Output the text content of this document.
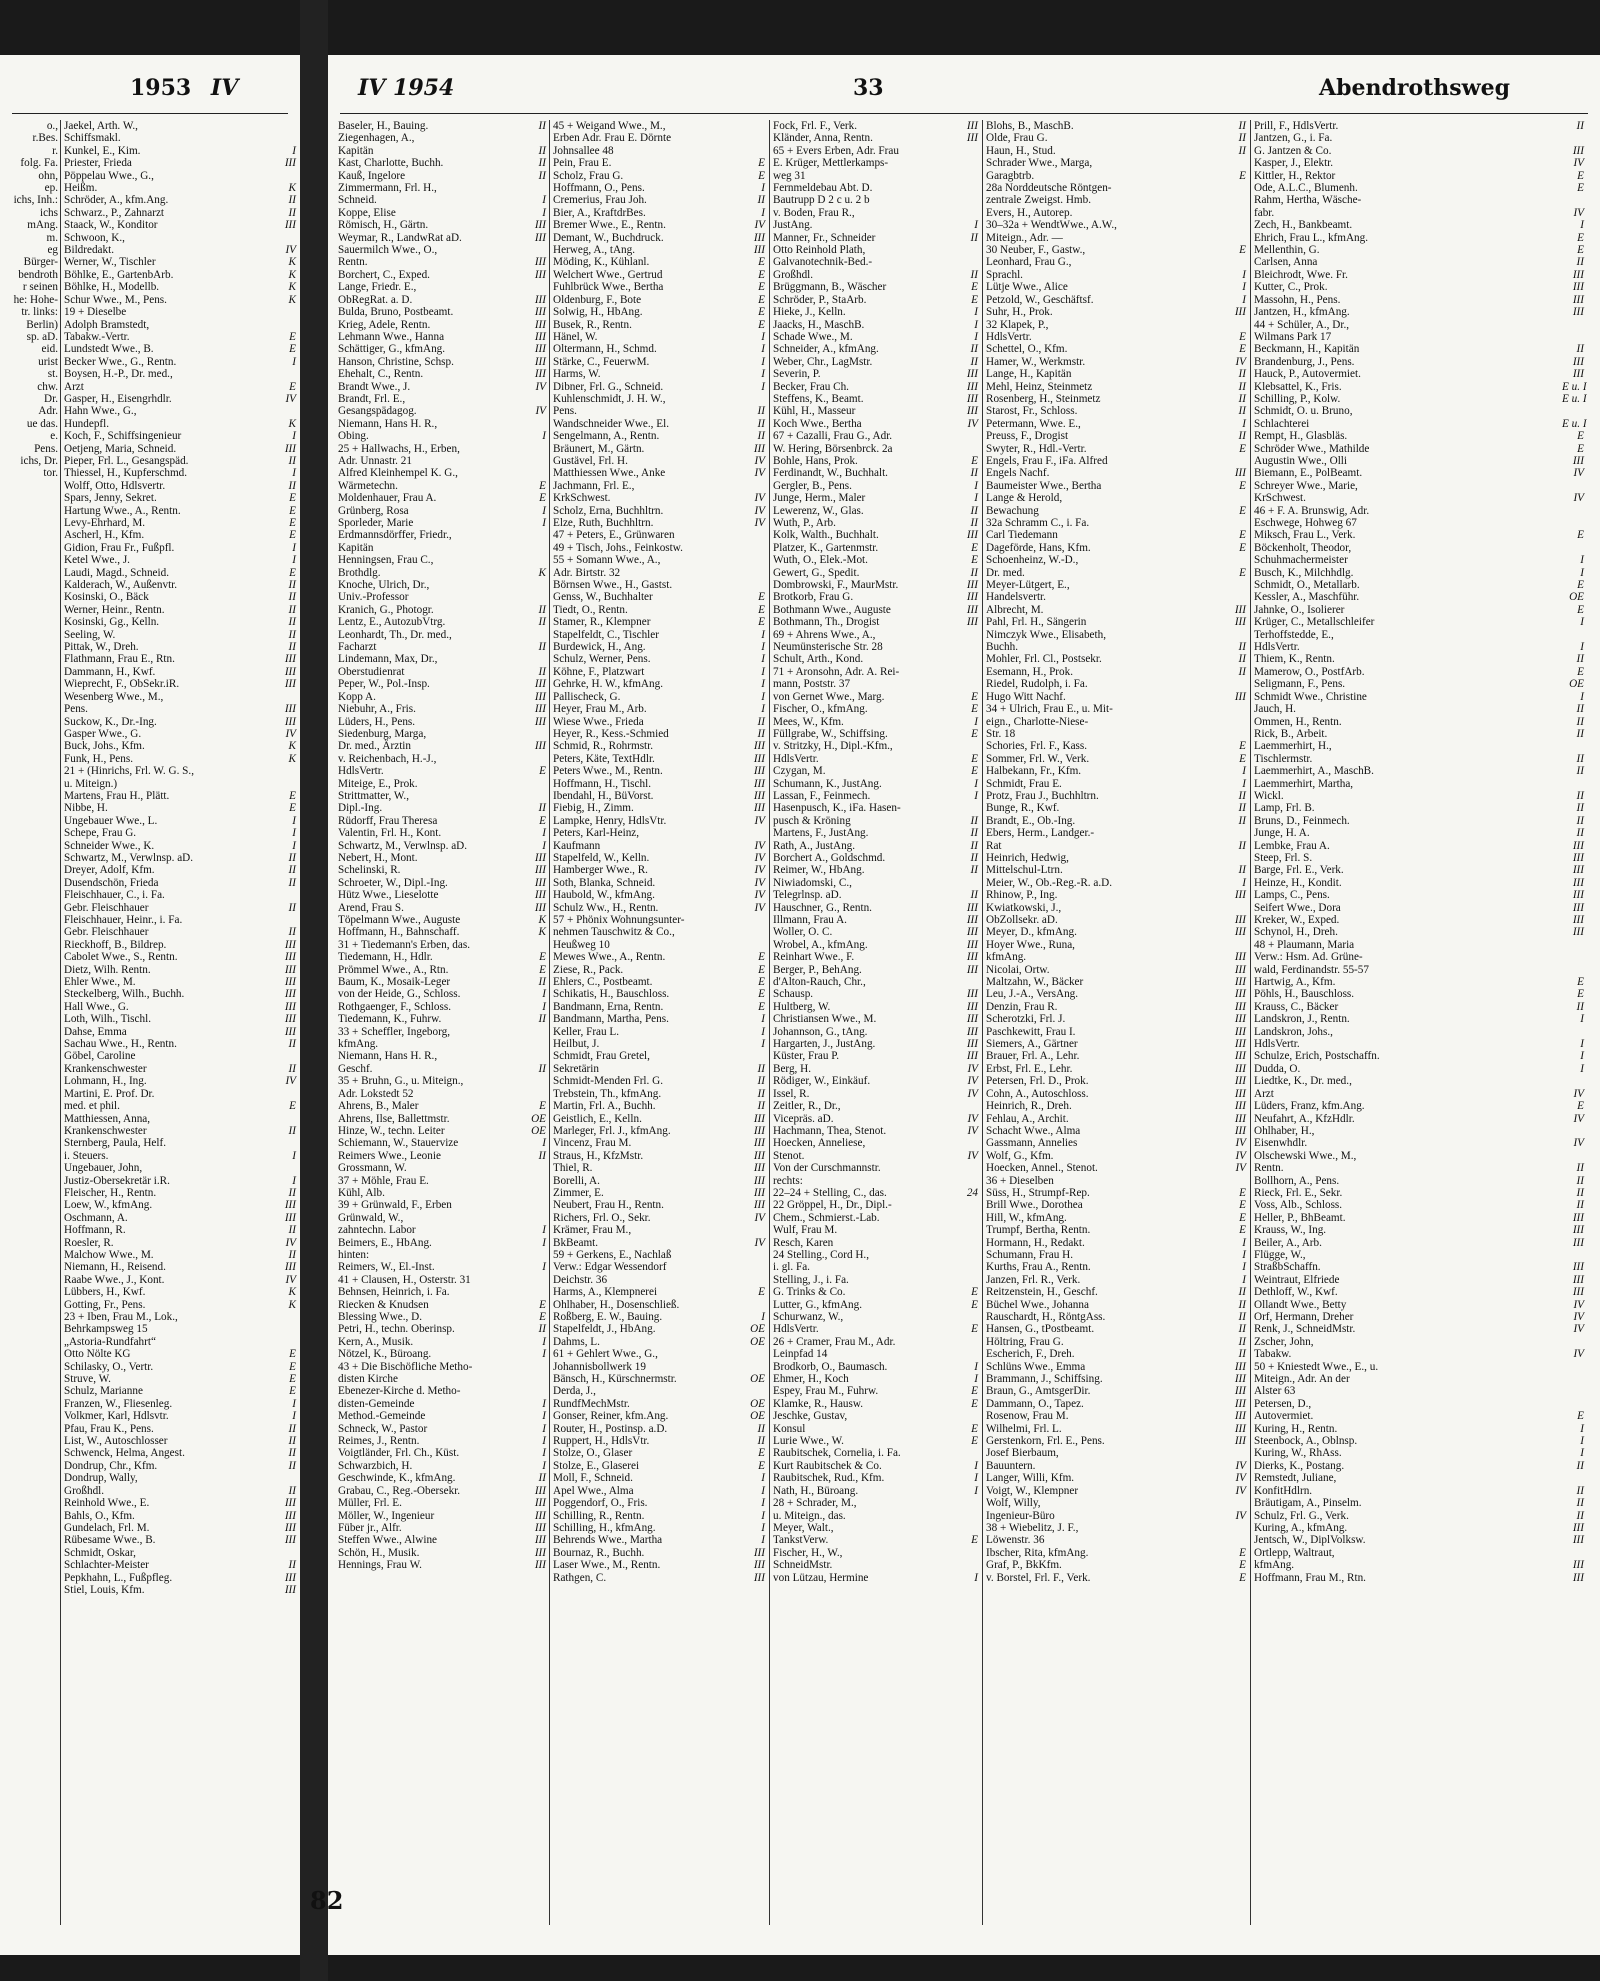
1953 IV
o.,
r.Bes.
r.
folg. Fa.
ohn,
ep.
ichs, Inh.:
ichs
mAng.
m.
eg
Bürger-
bendroth
r seinen
he: Hohe-
tr. links:
Berlin)
sp. aD.
eid.
urist
st.
chw.
Dr.
Adr.
ue das.
e.
Pens.
ichs, Dr.
tor.
Jaekel, Arth. W.,
Schiffsmakl.
Kunkel, E., Kim.	I
Priester, Frieda	III
Pöppelau Wwe., G.,
Heißm.	K
Schröder, A., kfm.Ang.	II
Schwarz., P., Zahnarzt	II
Staack, W., Konditor	III
Schwoon, K.,
Bildredakt.	IV
Werner, W., Tischler	K
Böhlke, E., GartenbArb.	K
Böhlke, H., Modellb.	K
Schur Wwe., M., Pens.	K
19 + Dieselbe
Adolph Bramstedt,
Tabakw.-Vertr.	E
Lundstedt Wwe., B.	E
Becker Wwe., G., Rentn.	I
Boysen, H.-P., Dr. med.,
Arzt	E
Gasper, H., Eisengrhdlr.	IV
Hahn Wwe., G.,
Hundepfl.	K
Koch, F., Schiffsingenieur	I
Oetjeng, Maria, Schneid.	III
Pieper, Frl. L., Gesangspäd.	II
Thiessel, H., Kupferschmd.	I
Wolff, Otto, Hdlsvertr.	II
Spars, Jenny, Sekret.	E
Hartung Wwe., A., Rentn.	E
Levy-Ehrhard, M.	E
Ascherl, H., Kfm.	E
Gidion, Frau Fr., Fußpfl.	I
Ketel Wwe., J.	I
Laudi, Magd., Schneid.	E
Kalderach, W., Außenvtr.	II
Kosinski, O., Bäck	II
Werner, Heinr., Rentn.	II
Kosinski, Gg., Kelln.	II
Seeling, W.	II
Pittak, W., Dreh.	II
Flathmann, Frau E., Rtn.	III
Dammann, H., Kwf.	III
Wieprecht, F., ObSekr.iR.	III
Wesenberg Wwe., M.,
Pens.	III
Suckow, K., Dr.-Ing.	III
Gasper Wwe., G.	IV
Buck, Johs., Kfm.	K
Funk, H., Pens.	K
21 + (Hinrichs, Frl. W. G. S.,
u. Miteign.)
Martens, Frau H., Plätt.	E
Nibbe, H.	E
Ungebauer Wwe., L.	I
Schepe, Frau G.	I
Schneider Wwe., K.	I
Schwartz, M., Verwlnsp. aD.	II
Dreyer, Adolf, Kfm.	II
Dusendschön, Frieda	II
Fleischhauer, C., i. Fa.
Gebr. Fleischhauer	II
Fleischhauer, Heinr., i. Fa.
Gebr. Fleischhauer	II
Rieckhoff, B., Bildrep.	III
Cabolet Wwe., S., Rentn.	III
Dietz, Wilh. Rentn.	III
Ehler Wwe., M.	III
Steckelberg, Wilh., Buchh.	III
Hall Wwe., G.	III
Loth, Wilh., Tischl.	III
Dahse, Emma	III
Sachau Wwe., H., Rentn.	II
Göbel, Caroline
Krankenschwester	II
Lohmann, H., Ing.	IV
Martini, E. Prof. Dr.
med. et phil.	E
Matthiessen, Anna,
Krankenschwester	II
Sternberg, Paula, Helf.
i. Steuers.	I
Ungebauer, John,
Justiz-Obersekretär i.R.	I
Fleischer, H., Rentn.	II
Loew, W., kfmAng.	III
Oschmann, A.	III
Hoffmann, R.	II
Roesler, R.	IV
Malchow Wwe., M.	II
Niemann, H., Reisend.	III
Raabe Wwe., J., Kont.	IV
Lübbers, H., Kwf.	K
Gotting, Fr., Pens.	K
23 + Iben, Frau M., Lok.,
Behrkampsweg 15
„Astoria-Rundfahrt“
Otto Nölte KG	E
Schilasky, O., Vertr.	E
Struve, W.	E
Schulz, Marianne	E
Franzen, W., Fliesenleg.	I
Volkmer, Karl, Hdlsvtr.	I
Pfau, Frau K., Pens.	II
List, W., Autoschlosser	II
Schwenck, Helma, Angest.	II
Dondrup, Chr., Kfm.	II
Dondrup, Wally,
Großhdl.	II
Reinhold Wwe., E.	III
Bahls, O., Kfm.	III
Gundelach, Frl. M.	III
Rübesame Wwe., B.	III
Schmidt, Oskar,
Schlachter-Meister	II
Pepkhahn, L., Fußpfleg.	III
Stiel, Louis, Kfm.	III
IV 1954	33	Abendrothsweg
Baseler, H., Bauing.	II
Ziegenhagen, A.,
Kapitän	II
Kast, Charlotte, Buchh.	II
Kauß, Ingelore	II
Zimmermann, Frl. H.,
Schneid.	I
Koppe, Elise	I
Römisch, H., Gärtn.	III
Weymar, R., LandwRat aD.	III
Sauermilch Wwe., O.,
Rentn.	III
Borchert, C., Exped.	III
Lange, Friedr. E.,
ObRegRat. a. D.	III
Bulda, Bruno, Postbeamt.	III
Krieg, Adele, Rentn.	III
Lehmann Wwe., Hanna	III
Schättiger, G., kfmAng.	III
Hanson, Christine, Schsp.	III
Ehehalt, C., Rentn.	III
Brandt Wwe., J.	IV
Brandt, Frl. E.,
Gesangspädagog.	IV
Niemann, Hans H. R.,
Obing.	I
25 + Hallwachs, H., Erben,
Adr. Unnastr. 21
Alfred Kleinhempel K. G.,
Wärmetechn.	E
Moldenhauer, Frau A.	E
Grünberg, Rosa	I
Sporleder, Marie	I
Erdmannsdörffer, Friedr.,
Kapitän
Henningsen, Frau C.,
Brothdlg.	K
Knoche, Ulrich, Dr.,
Univ.-Professor
Kranich, G., Photogr.	II
Lentz, E., AutozubVtrg.	II
Leonhardt, Th., Dr. med.,
Facharzt	II
Lindemann, Max, Dr.,
Oberstudienrat	II
Peper, W., Pol.-Insp.	III
Kopp A.	III
Niebuhr, A., Fris.	III
Lüders, H., Pens.	III
Siedenburg, Marga,
Dr. med., Ärztin	III
v. Reichenbach, H.-J.,
HdlsVertr.	E
Miteige, E., Prok.
Strittmatter, W.,
Dipl.-Ing.	II
Rüdorff, Frau Theresa	E
Valentin, Frl. H., Kont.	I
Schwartz, M., Verwlnsp. aD.	I
Nebert, H., Mont.	III
Schelinski, R.	III
Schroeter, W., Dipl.-Ing.	III
Hütz Wwe., Lieselotte	III
Arend, Frau S.	III
Töpelmann Wwe., Auguste	K
Hoffmann, H., Bahnschaff.	K
31 + Tiedemann's Erben, das.
Tiedemann, H., Hdlr.	E
Prömmel Wwe., A., Rtn.	E
Baum, K., Mosaik-Leger	II
von der Heide, G., Schloss.	I
Rothgaenger, F., Schloss.	I
Tiedemann, K., Fuhrw.	II
33 + Scheffler, Ingeborg,
kfmAng.
Niemann, Hans H. R.,
Geschf.	II
35 + Bruhn, G., u. Miteign.,
Adr. Lokstedt 52
Ahrens, B., Maler	E
Ahrens, Ilse, Ballettmstr.	OE
Hinze, W., techn. Leiter	OE
Schiemann, W., Stauervize	I
Reimers Wwe., Leonie	II
Grossmann, W.
37 + Möhle, Frau E.
Kühl, Alb.
39 + Grünwald, F., Erben
Grünwald, W.,
zahntechn. Labor	I
Beimers, E., HbAng.	I
hinten:
Reimers, W., El.-Inst.	I
41 + Clausen, H., Osterstr. 31
Behnsen, Heinrich, i. Fa.
Riecken & Knudsen	E
Blessing Wwe., D.	E
Petri, H., techn. Oberinsp.	II
Kern, A., Musik.	I
Nötzel, K., Büroang.	I
43 + Die Bischöfliche Metho-
disten Kirche
Ebenezer-Kirche d. Metho-
disten-Gemeinde	I
Method.-Gemeinde	I
Schneck, W., Pastor	I
Reimes, J., Rentn.	I
Voigtländer, Frl. Ch., Küst.	I
Schwarzbich, H.	I
Geschwinde, K., kfmAng.	II
Grabau, C., Reg.-Obersekr.	III
Müller, Frl. E.	III
Möller, W., Ingenieur	III
Füber jr., Alfr.	III
Steffen Wwe., Alwine	III
Schön, H., Musik.	III
Hennings, Frau W.	III
45 + Weigand Wwe., M.,
Erben Adr. Frau E. Dörnte
Johnsallee 48
Pein, Frau E.	E
Scholz, Frau G.	E
Hoffmann, O., Pens.	I
Cremerius, Frau Joh.	II
Bier, A., KraftdrBes.	I
Bremer Wwe., E., Rentn.	IV
Demant, W., Buchdruck.	III
Herweg, A., tAng.	III
Möding, K., Kühlanl.	E
Welchert Wwe., Gertrud	E
Fuhlbrück Wwe., Bertha	E
Oldenburg, F., Bote	E
Solwig, H., HbAng.	E
Busek, R., Rentn.	E
Hänel, W.	I
Oltermann, H., Schmd.	I
Stärke, C., FeuerwM.	I
Harms, W.	I
Dibner, Frl. G., Schneid.	I
Kuhlenschmidt, J. H. W.,
Pens.	II
Wandschneider Wwe., El.	II
Sengelmann, A., Rentn.	II
Bräunert, M., Gärtn.	III
Gustävel, Frl. H.	IV
Matthiessen Wwe., Anke	IV
Jachmann, Frl. E.,
KrkSchwest.	IV
Scholz, Erna, Buchhltrn.	IV
Elze, Ruth, Buchhltrn.	IV
47 + Peters, E., Grünwaren
49 + Tisch, Johs., Feinkostw.
55 + Somann Wwe., A.,
Adr. Birtstr. 32
Börnsen Wwe., H., Gastst.
Genss, W., Buchhalter	E
Tiedt, O., Rentn.	E
Stamer, R., Klempner	E
Stapelfeldt, C., Tischler	I
Burdewick, H., Ang.	I
Schulz, Werner, Pens.	I
Köhne, F., Platzwart	I
Gehrke, H. W., kfmAng.	I
Pallischeck, G.	I
Heyer, Frau M., Arb.	I
Wiese Wwe., Frieda	II
Heyer, R., Kess.-Schmied	II
Schmid, R., Rohrmstr.	III
Peters, Käte, TextHdlr.	III
Peters Wwe., M., Rentn.	III
Hoffmann, H., Tischl.	III
Ibendahl, H., BüVorst.	III
Fiebig, H., Zimm.	III
Lampke, Henry, HdlsVtr.	IV
Peters, Karl-Heinz,
Kaufmann	IV
Stapelfeld, W., Kelln.	IV
Hamberger Wwe., R.	IV
Soth, Blanka, Schneid.	IV
Haubold, W., kfmAng.	IV
Schulz Ww., H., Rentn.	IV
57 + Phönix Wohnungsunter-
nehmen Tauschwitz & Co.,
Heußweg 10
Mewes Wwe., A., Rentn.	E
Ziese, R., Pack.	E
Ehlers, C., Postbeamt.	E
Schikatis, H., Bauschloss.	E
Bandmann, Erna, Rentn.	E
Bandmann, Martha, Pens.	I
Keller, Frau L.	I
Heilbut, J.	I
Schmidt, Frau Gretel,
Sekretärin	II
Schmidt-Menden Frl. G.	II
Trebstein, Th., kfmAng.	II
Martin, Frl. A., Buchh.	II
Geistlich, E., Kelln.	III
Marleger, Frl. J., kfmAng.	III
Vincenz, Frau M.	III
Straus, H., KfzMstr.	III
Thiel, R.	III
Borelli, A.	III
Zimmer, E.	III
Neubert, Frau H., Rentn.	III
Richers, Frl. O., Sekr.	IV
Krämer, Frau M.,
BkBeamt.	IV
59 + Gerkens, E., Nachlaß
Verw.: Edgar Wessendorf
Deichstr. 36
Harms, A., Klempnerei	E
Ohlhaber, H., Dosenschließ.
Roßberg, E. W., Bauing.	I
Stapelfeldt, J., HbAng.	OE
Dahms, L.	OE
61 + Gehlert Wwe., G.,
Johannisbollwerk 19
Bänsch, H., Kürschnermstr.	OE
Derda, J.,
RundfMechMstr.	OE
Gonser, Reiner, kfm.Ang.	OE
Router, H., Postinsp. a.D.	II
Ruppert, H., HdlsVtr.	II
Stolze, O., Glaser	E
Stolze, E., Glaserei	E
Moll, F., Schneid.	I
Apel Wwe., Alma	I
Poggendorf, O., Fris.	I
Schilling, R., Rentn.	I
Schilling, H., kfmAng.	I
Behrends Wwe., Martha	I
Bournaz, R., Buchh.	III
Laser Wwe., M., Rentn.	III
Rathgen, C.	III
Fock, Frl. F., Verk.	III
Kländer, Anna, Rentn.	III
65 + Evers Erben, Adr. Frau
E. Krüger, Mettlerkamps-
weg 31
Fernmeldebau Abt. D.
Bautrupp D 2 c u. 2 b
v. Boden, Frau R.,
JustAng.	I
Manner, Fr., Schneider	II
Otto Reinhold Plath,
Galvanotechnik-Bed.-
Großhdl.	II
Brüggmann, B., Wäscher	E
Schröder, P., StaArb.	E
Hieke, J., Kelln.	I
Jaacks, H., MaschB.	I
Schade Wwe., M.	I
Schneider, A., kfmAng.	II
Weber, Chr., LagMstr.	II
Severin, P.	III
Becker, Frau Ch.	III
Steffens, K., Beamt.	III
Kühl, H., Masseur	III
Koch Wwe., Bertha	IV
67 + Cazalli, Frau G., Adr.
W. Hering, Börsenbrck. 2a
Bohle, Hans, Prok.	E
Ferdinandt, W., Buchhalt.	II
Gergler, B., Pens.	I
Junge, Herm., Maler	I
Lewerenz, W., Glas.	II
Wuth, P., Arb.	II
Kolk, Walth., Buchhalt.	III
Platzer, K., Gartenmstr.	E
Wuth, O., Elek.-Mot.	E
Gewert, G., Spedit.	II
Dombrowski, F., MaurMstr.	III
Brotkorb, Frau G.	III
Bothmann Wwe., Auguste	III
Bothmann, Th., Drogist	III
69 + Ahrens Wwe., A.,
Neumünsterische Str. 28
Schult, Arth., Kond.
71 + Aronsohn, Adr. A. Rei-
mann, Poststr. 37
von Gernet Wwe., Marg.	E
Fischer, O., kfmAng.	E
Mees, W., Kfm.	I
Füllgrabe, W., Schiffsing.	E
v. Stritzky, H., Dipl.-Kfm.,
HdlsVertr.	E
Czygan, M.	E
Schumann, K., JustAng.	I
Lassan, F., Feinmech.	I
Hasenpusch, K., iFa. Hasen-
pusch & Kröning	II
Martens, F., JustAng.	II
Rath, A., JustAng.	II
Borchert A., Goldschmd.	II
Reimer, W., HbAng.	II
Niwiadomski, C.,
Telegrlnsp. aD.	II
Hauschner, G., Rentn.	III
Illmann, Frau A.	III
Woller, O. C.	III
Wrobel, A., kfmAng.	III
Reinhart Wwe., F.	III
Berger, P., BehAng.	III
d'Alton-Rauch, Chr.,
Schausp.	III
Hultberg, W.	III
Christiansen Wwe., M.	III
Johannson, G., tAng.	III
Hargarten, J., JustAng.	III
Küster, Frau P.	III
Berg, H.	IV
Rödiger, W., Einkäuf.	IV
Issel, R.	IV
Zeitler, R., Dr.,
Vicepräs. aD.	IV
Hachmann, Thea, Stenot.	IV
Hoecken, Anneliese,
Stenot.	IV
Von der Curschmannstr.
rechts:
22–24 + Stelling, C., das.	24
22 Gröppel, H., Dr., Dipl.-
Chem., Schmierst.-Lab.
Wulf, Frau M.
Resch, Karen
24 Stelling., Cord H.,
i. gl. Fa.
Stelling, J., i. Fa.
G. Trinks & Co.	E
Lutter, G., kfmAng.	E
Schurwanz, W.,
HdlsVertr.	E
26 + Cramer, Frau M., Adr.
Leinpfad 14
Brodkorb, O., Baumasch.	I
Ehmer, H., Koch	I
Espey, Frau M., Fuhrw.	E
Klamke, R., Hausw.	E
Jeschke, Gustav,
Konsul	E
Lurie Wwe., W.	E
Raubitschek, Cornelia, i. Fa.
Kurt Raubitschek & Co.	I
Raubitschek, Rud., Kfm.	I
Nath, H., Büroang.	I
28 + Schrader, M.,
u. Miteign., das.
Meyer, Walt.,
TankstVerw.	E
Fischer, H., W.,
SchneidMstr.
von Lützau, Hermine	I
Blohs, B., MaschB.	II
Olde, Frau G.	II
Haun, H., Stud.	II
Schrader Wwe., Marga,
Garagbtrb.	E
28a Norddeutsche Röntgen-
zentrale Zweigst. Hmb.
Evers, H., Autorep.
30–32a + WendtWwe., A.W.,
Miteign., Adr. —
30 Neuber, F., Gastw.,	E
Leonhard, Frau G.,
Sprachl.	I
Lütje Wwe., Alice	I
Petzold, W., Geschäftsf.	I
Suhr, H., Prok.	III
32 Klapek, P.,
HdlsVertr.	E
Schettel, O., Kfm.	E
Hamer, W., Werkmstr.	IV
Lange, H., Kapitän	II
Mehl, Heinz, Steinmetz	II
Rosenberg, H., Steinmetz	II
Starost, Fr., Schloss.	II
Petermann, Wwe. E.,	I
Preuss, F., Drogist	II
Swyter, R., Hdl.-Vertr.	E
Engels, Frau F., iFa. Alfred
Engels Nachf.	III
Baumeister Wwe., Bertha	E
Lange & Herold,
Bewachung	E
32a Schramm C., i. Fa.
Carl Tiedemann	E
Dageförde, Hans, Kfm.	E
Schoenheinz, W.-D.,
Dr. med.	E
Meyer-Lütgert, E.,
Handelsvertr.
Albrecht, M.	III
Pahl, Frl. H., Sängerin	III
Nimczyk Wwe., Elisabeth,
Buchh.	II
Mohler, Frl. Cl., Postsekr.	II
Esemann, H., Prok.	II
Riedel, Rudolph, i. Fa.
Hugo Witt Nachf.	III
34 + Ulrich, Frau E., u. Mit-
eign., Charlotte-Niese-
Str. 18
Schories, Frl. F., Kass.	E
Sommer, Frl. W., Verk.	E
Halbekann, Fr., Kfm.	I
Schmidt, Frau E.	I
Protz, Frau J., Buchhltrn.	II
Bunge, R., Kwf.	II
Brandt, E., Ob.-Ing.	II
Ebers, Herm., Landger.-
Rat	II
Heinrich, Hedwig,
Mittelschul-Ltrn.	II
Meier, W., Ob.-Reg.-R. a.D.	I
Rhinow, P., Ing.	III
Kwiatkowski, J.,
ObZollsekr. aD.	III
Meyer, D., kfmAng.	III
Hoyer Wwe., Runa,
kfmAng.	III
Nicolai, Ortw.	III
Maltzahn, W., Bäcker	III
Leu, J.-A., VersAng.	III
Denzin, Frau R.	III
Scherotzki, Frl. J.	III
Paschkewitt, Frau I.	III
Siemers, A., Gärtner	III
Brauer, Frl. A., Lehr.	III
Erbst, Frl. E., Lehr.	III
Petersen, Frl. D., Prok.	III
Cohn, A., Autoschloss.	III
Heinrich, R., Dreh.	III
Fehlau, A., Archit.	III
Schacht Wwe., Alma	III
Gassmann, Annelies	IV
Wolf, G., Kfm.	IV
Hoecken, Annel., Stenot.	IV
36 + Dieselben
Süss, H., Strumpf-Rep.	E
Brill Wwe., Dorothea	E
Hill, W., kfmAng.	E
Trumpf, Bertha, Rentn.	E
Hormann, H., Redakt.	I
Schumann, Frau H.	I
Kurths, Frau A., Rentn.	I
Janzen, Frl. R., Verk.	I
Reitzenstein, H., Geschf.	II
Büchel Wwe., Johanna	II
Rauschardt, H., RöntgAss.	II
Hansen, G., tPostbeamt.	II
Höltring, Frau G.	II
Escherich, F., Dreh.	II
Schlüns Wwe., Emma	III
Brammann, J., Schiffsing.	III
Braun, G., AmtsgerDir.	III
Dammann, O., Tapez.	III
Rosenow, Frau M.	III
Wilhelmi, Frl. L.	III
Gerstenkorn, Frl. E., Pens.	III
Josef Bierbaum,
Bauuntern.	IV
Langer, Willi, Kfm.	IV
Voigt, W., Klempner	IV
Wolf, Willy,
Ingenieur-Büro	IV
38 + Wiebelitz, J. F.,
Löwenstr. 36
Ibscher, Rita, kfmAng.	E
Graf, P., BkKfm.	E
v. Borstel, Frl. F., Verk.	E
Prill, F., HdlsVertr.	II
Jantzen, G., i. Fa.
G. Jantzen & Co.	III
Kasper, J., Elektr.	IV
Kittler, H., Rektor	E
Ode, A.L.C., Blumenh.	E
Rahm, Hertha, Wäsche-
fabr.	IV
Zech, H., Bankbeamt.	I
Ehrich, Frau L., kfmAng.	E
Mellenthin, G.	E
Carlsen, Anna	II
Bleichrodt, Wwe. Fr.	III
Kutter, C., Prok.	III
Massohn, H., Pens.	III
Jantzen, H., kfmAng.	III
44 + Schüler, A., Dr.,
Wilmans Park 17
Beckmann, H., Kapitän	II
Brandenburg, J., Pens.	III
Hauck, P., Autovermiet.	III
Klebsattel, K., Fris.	E u. I
Schilling, P., Kolw.	E u. I
Schmidt, O. u. Bruno,
Schlachterei	E u. I
Rempt, H., Glasbläs.	E
Schröder Wwe., Mathilde	E
Augustin Wwe., Olli	III
Biemann, E., PolBeamt.	IV
Schreyer Wwe., Marie,
KrSchwest.	IV
46 + F. A. Brunswig, Adr.
Eschwege, Hohweg 67
Miksch, Frau L., Verk.	E
Böckenholt, Theodor,
Schuhmachermeister	I
Busch, K., Milchhdlg.	I
Schmidt, O., Metallarb.	E
Kessler, A., Maschführ.	OE
Jahnke, O., Isolierer	E
Krüger, C., Metallschleifer	I
Terhoffstedde, E.,
HdlsVertr.	I
Thiem, K., Rentn.	II
Mamerow, O., PostfArb.	E
Seligmann, F., Pens.	OE
Schmidt Wwe., Christine	I
Jauch, H.	II
Ommen, H., Rentn.	II
Rick, B., Arbeit.	II
Laemmerhirt, H.,
Tischlermstr.	II
Laemmerhirt, A., MaschB.	II
Laemmerhirt, Martha,
Wickl.	II
Lamp, Frl. B.	II
Bruns, D., Feinmech.	II
Junge, H. A.	II
Lembke, Frau A.	III
Steep, Frl. S.	III
Barge, Frl. E., Verk.	III
Heinze, H., Kondit.	III
Lamps, C., Pens.	III
Seifert Wwe., Dora	III
Kreker, W., Exped.	III
Schynol, H., Dreh.	III
48 + Plaumann, Maria
Verw.: Hsm. Ad. Grüne-
wald, Ferdinandstr. 55-57
Hartwig, A., Kfm.	E
Pöhls, H., Bauschloss.	E
Krauss, C., Bäcker	II
Landskron, J., Rentn.	I
Landskron, Johs.,
HdlsVertr.	I
Schulze, Erich, Postschaffn.	I
Dudda, O.	I
Liedtke, K., Dr. med.,
Arzt	IV
Lüders, Franz, kfm.Ang.	E
Neufahrt, A., KfzHdlr.	IV
Ohlhaber, H.,
Eisenwhdlr.	IV
Olschewski Wwe., M.,
Rentn.	II
Bollhorn, A., Pens.	II
Rieck, Frl. E., Sekr.	II
Voss, Alb., Schloss.	II
Heller, P., BhBeamt.	III
Krauss, W., Ing.	III
Beiler, A., Arb.	III
Flügge, W.,
StraßbSchaffn.	III
Weintraut, Elfriede	III
Dethloff, W., Kwf.	III
Ollandt Wwe., Betty	IV
Orf, Hermann, Dreher	IV
Renk, J., SchneidMstr.	IV
Zscher, John,
Tabakw.	IV
50 + Kniestedt Wwe., E., u.
Miteign., Adr. An der
Alster 63
Petersen, D.,
Autovermiet.	E
Kuring, H., Rentn.	I
Steenbock, A., Oblnsp.	I
Kuring, W., RhAss.	I
Dierks, K., Postang.	II
Remstedt, Juliane,
KonfitHdlrn.	II
Bräutigam, A., Pinselm.	II
Schulz, Frl. G., Verk.	II
Kuring, A., kfmAng.	III
Jentsch, W., DiplVolksw.	III
Ortlepp, Waltraut,
kfmAng.	III
Hoffmann, Frau M., Rtn.	III
82
